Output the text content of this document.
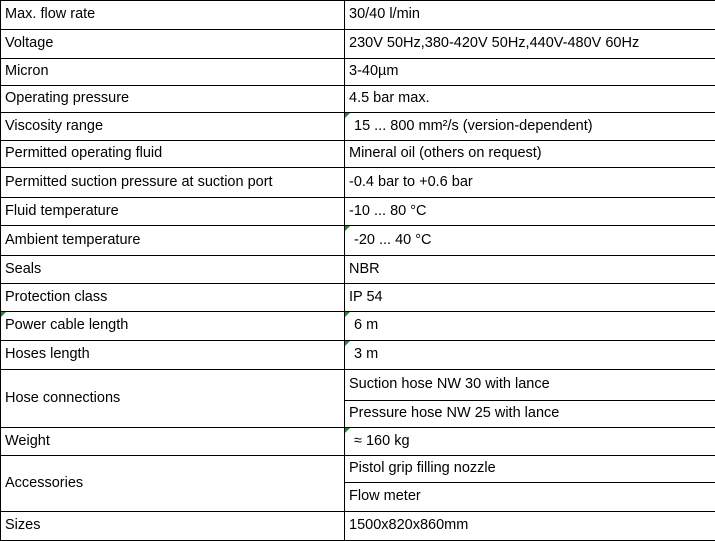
Max. flow rate	30/40 l/min
Voltage	230V 50Hz,380-420V 50Hz,440V-480V 60Hz
Micron	3-40µm
Operating pressure	4.5 bar max.
Viscosity range	15 ... 800 mm²/s (version-dependent)
Permitted operating fluid	Mineral oil (others on request)
Permitted suction pressure at suction port	-0.4 bar to +0.6 bar
Fluid temperature	-10 ... 80 °C
Ambient temperature	-20 ... 40 °C
Seals	NBR
Protection class	IP 54
Power cable length	6 m
Hoses length	3 m
Hose connections	Suction hose NW 30 with lance
	Pressure hose NW 25 with lance
Weight	≈ 160 kg
Accessories	Pistol grip filling nozzle
	Flow meter
Sizes	1500x820x860mm
